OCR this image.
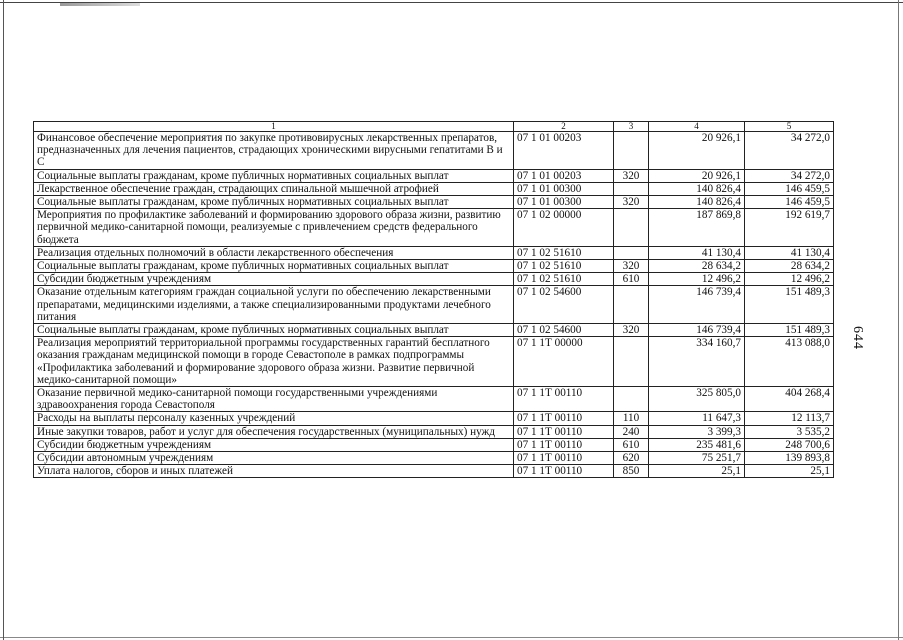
644
1	2	3	4	5
Финансовое обеспечение мероприятия по закупке противовирусных лекарственных препаратов, предназначенных для лечения пациентов, страдающих хроническими вирусными гепатитами В и С	07 1 01 00203		20 926,1	34 272,0
Социальные выплаты гражданам, кроме публичных нормативных социальных выплат	07 1 01 00203	320	20 926,1	34 272,0
Лекарственное обеспечение граждан, страдающих спинальной мышечной атрофией	07 1 01 00300		140 826,4	146 459,5
Социальные выплаты гражданам, кроме публичных нормативных социальных выплат	07 1 01 00300	320	140 826,4	146 459,5
Мероприятия по профилактике заболеваний и формированию здорового образа жизни, развитию первичной медико-санитарной помощи, реализуемые с привлечением средств федерального бюджета	07 1 02 00000		187 869,8	192 619,7
Реализация отдельных полномочий в области лекарственного обеспечения	07 1 02 51610		41 130,4	41 130,4
Социальные выплаты гражданам, кроме публичных нормативных социальных выплат	07 1 02 51610	320	28 634,2	28 634,2
Субсидии бюджетным учреждениям	07 1 02 51610	610	12 496,2	12 496,2
Оказание отдельным категориям граждан социальной услуги по обеспечению лекарственными препаратами, медицинскими изделиями, а также специализированными продуктами лечебного питания	07 1 02 54600		146 739,4	151 489,3
Социальные выплаты гражданам, кроме публичных нормативных социальных выплат	07 1 02 54600	320	146 739,4	151 489,3
Реализация мероприятий территориальной программы государственных гарантий бесплатного оказания гражданам медицинской помощи в городе Севастополе в рамках подпрограммы «Профилактика заболеваний и формирование здорового образа жизни. Развитие первичной медико-санитарной помощи»	07 1 1Т 00000		334 160,7	413 088,0
Оказание первичной медико-санитарной помощи государственными учреждениями здравоохранения города Севастополя	07 1 1Т 00110		325 805,0	404 268,4
Расходы на выплаты персоналу казенных учреждений	07 1 1Т 00110	110	11 647,3	12 113,7
Иные закупки товаров, работ и услуг для обеспечения государственных (муниципальных) нужд	07 1 1Т 00110	240	3 399,3	3 535,2
Субсидии бюджетным учреждениям	07 1 1Т 00110	610	235 481,6	248 700,6
Субсидии автономным учреждениям	07 1 1Т 00110	620	75 251,7	139 893,8
Уплата налогов, сборов и иных платежей	07 1 1Т 00110	850	25,1	25,1
